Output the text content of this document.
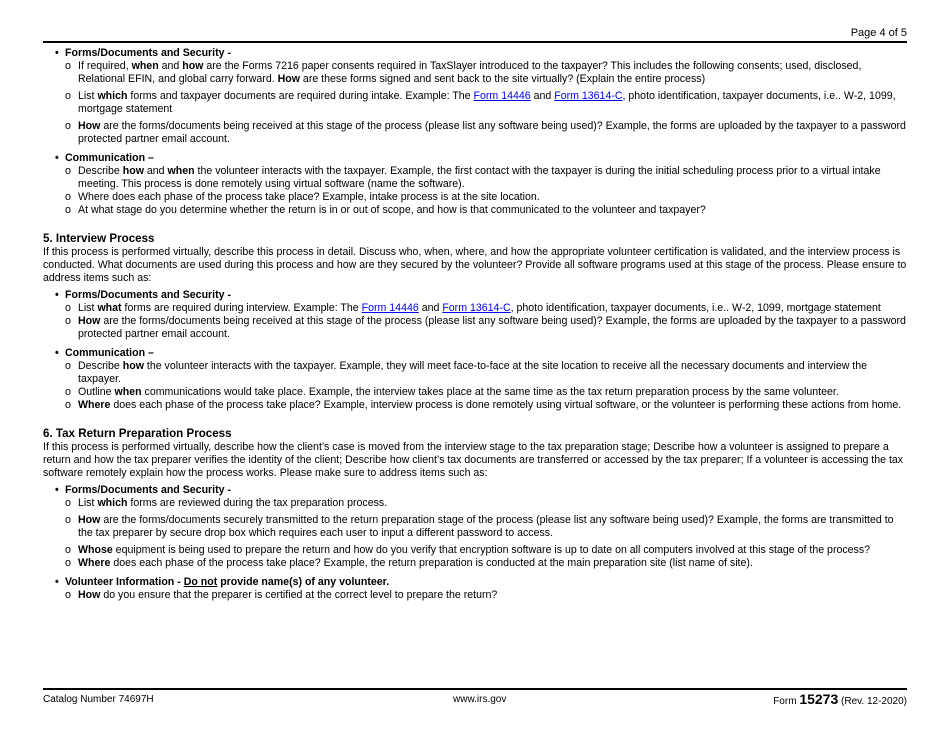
Page 4 of 5
• Forms/Documents and Security -
o If required, when and how are the Forms 7216 paper consents required in TaxSlayer introduced to the taxpayer? This includes the following consents; used, disclosed, Relational EFIN, and global carry forward. How are these forms signed and sent back to the site virtually? (Explain the entire process)
o List which forms and taxpayer documents are required during intake. Example: The Form 14446 and Form 13614-C, photo identification, taxpayer documents, i.e.. W-2, 1099, mortgage statement
o How are the forms/documents being received at this stage of the process (please list any software being used)? Example, the forms are uploaded by the taxpayer to a password protected partner email account.
• Communication –
o Describe how and when the volunteer interacts with the taxpayer. Example, the first contact with the taxpayer is during the initial scheduling process prior to a virtual intake meeting. This process is done remotely using virtual software (name the software).
o Where does each phase of the process take place? Example, intake process is at the site location.
o At what stage do you determine whether the return is in or out of scope, and how is that communicated to the volunteer and taxpayer?
5. Interview Process

If this process is performed virtually, describe this process in detail. Discuss who, when, where, and how the appropriate volunteer certification is validated, and the interview process is conducted. What documents are used during this process and how are they secured by the volunteer? Provide all software programs used at this stage of the process. Please ensure to address items such as:

• Forms/Documents and Security -
o List what forms are required during interview. Example: The Form 14446 and Form 13614-C, photo identification, taxpayer documents, i.e.. W-2, 1099, mortgage statement
o How are the forms/documents being received at this stage of the process (please list any software being used)? Example, the forms are uploaded by the taxpayer to a password protected partner email account.
• Communication –
o Describe how the volunteer interacts with the taxpayer. Example, they will meet face-to-face at the site location to receive all the necessary documents and interview the taxpayer.
o Outline when communications would take place. Example, the interview takes place at the same time as the tax return preparation process by the same volunteer.
o Where does each phase of the process take place? Example, interview process is done remotely using virtual software, or the volunteer is performing these actions from home.
6. Tax Return Preparation Process

If this process is performed virtually, describe how the client’s case is moved from the interview stage to the tax preparation stage; Describe how a volunteer is assigned to prepare a return and how the tax preparer verifies the identity of the client; Describe how client’s tax documents are transferred or accessed by the tax preparer; If a volunteer is accessing the tax software remotely explain how the process works. Please make sure to address items such as:

• Forms/Documents and Security -
o List which forms are reviewed during the tax preparation process.
o How are the forms/documents securely transmitted to the return preparation stage of the process (please list any software being used)? Example, the forms are transmitted to the tax preparer by secure drop box which requires each user to input a different password to access.
o Whose equipment is being used to prepare the return and how do you verify that encryption software is up to date on all computers involved at this stage of the process?
o Where does each phase of the process take place? Example, the return preparation is conducted at the main preparation site (list name of site).
• Volunteer Information - Do not provide name(s) of any volunteer.
o How do you ensure that the preparer is certified at the correct level to prepare the return?
Catalog Number 74697H	www.irs.gov	Form 15273 (Rev. 12-2020)
